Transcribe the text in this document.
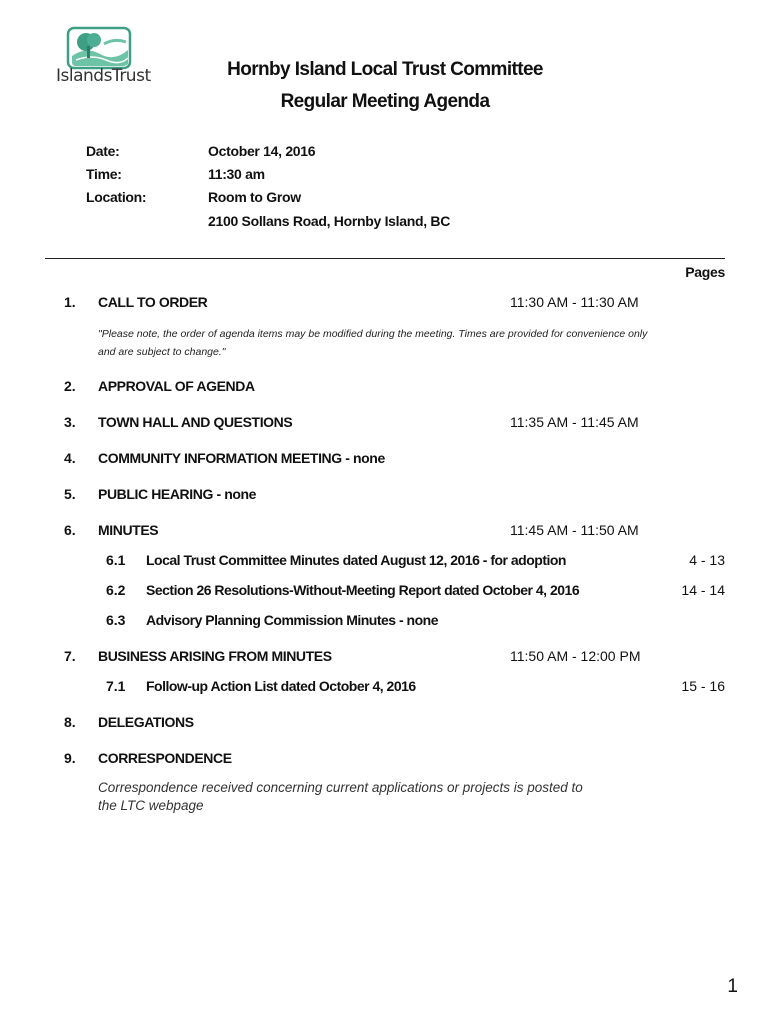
IslandsTrust	Hornby Island Local Trust Committee
Regular Meeting Agenda
Date:	October 14, 2016
Time:	11:30 am
Location:	Room to Grow
2100 Sollans Road, Hornby Island, BC
Pages
1. CALL TO ORDER	11:30 AM - 11:30 AM
"Please note, the order of agenda items may be modified during the meeting. Times are provided for convenience only
and are subject to change."
2. APPROVAL OF AGENDA
3. TOWN HALL AND QUESTIONS	11:35 AM - 11:45 AM
4. COMMUNITY INFORMATION MEETING - none
5. PUBLIC HEARING - none
6. MINUTES	11:45 AM - 11:50 AM
6.1 Local Trust Committee Minutes dated August 12, 2016 - for adoption	4 - 13
6.2 Section 26 Resolutions-Without-Meeting Report dated October 4, 2016	14 - 14
6.3 Advisory Planning Commission Minutes - none
7. BUSINESS ARISING FROM MINUTES	11:50 AM - 12:00 PM
7.1 Follow-up Action List dated October 4, 2016	15 - 16
8. DELEGATIONS
9. CORRESPONDENCE
Correspondence received concerning current applications or projects is posted to
the LTC webpage
1
